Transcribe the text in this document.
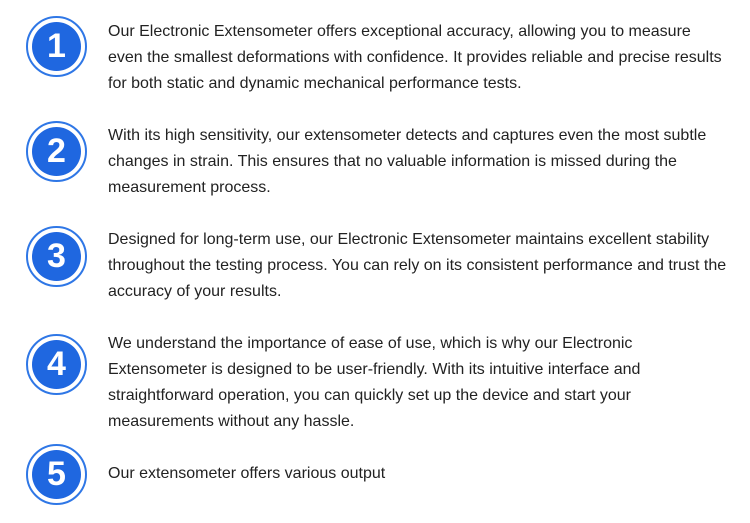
1	Our Electronic Extensometer offers exceptional accuracy, allowing you to measure even the smallest deformations with confidence. It provides reliable and precise results for both static and dynamic mechanical performance tests.

2	With its high sensitivity, our extensometer detects and captures even the most subtle changes in strain. This ensures that no valuable information is missed during the measurement process.

3	Designed for long-term use, our Electronic Extensometer maintains excellent stability throughout the testing process. You can rely on its consistent performance and trust the accuracy of your results.

4

We understand the importance of ease of use, which is why our Electronic Extensometer is designed to be user-friendly. With its intuitive interface and straightforward operation, you can quickly set up the device and start your measurements without any hassle.

5	Our extensometer offers various output
